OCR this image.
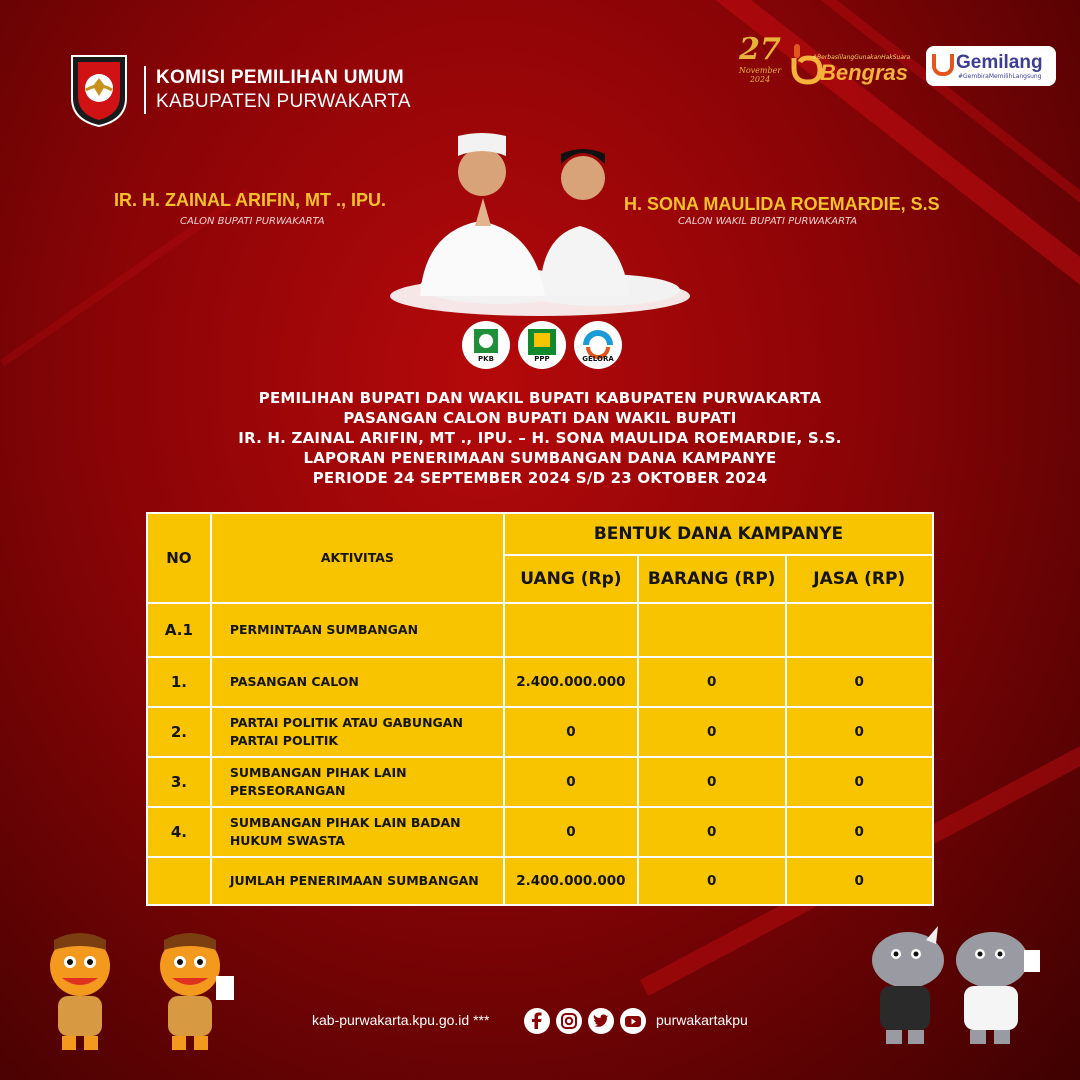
KOMISI PEMILIHAN UMUM
KABUPATEN PURWAKARTA
27
November
2024
#BerbaslilangGunakanHakSuara
Bengras	Gemilang
#GembiraMemilihLangsung
IR. H. ZAINAL ARIFIN, MT ., IPU.
CALON BUPATI PURWAKARTA
H. SONA MAULIDA ROEMARDIE, S.S
CALON WAKIL BUPATI PURWAKARTA
PKB	PPP	GELORA
PEMILIHAN BUPATI DAN WAKIL BUPATI KABUPATEN PURWAKARTA
PASANGAN CALON BUPATI DAN WAKIL BUPATI
IR. H. ZAINAL ARIFIN, MT ., IPU. – H. SONA MAULIDA ROEMARDIE, S.S.
LAPORAN PENERIMAAN SUMBANGAN DANA KAMPANYE
PERIODE 24 SEPTEMBER 2024 S/D 23 OKTOBER 2024
NO	AKTIVITAS	BENTUK DANA KAMPANYE		
		UANG (Rp)	BARANG (RP)	JASA (RP)
A.1	PERMINTAAN SUMBANGAN			
1.	PASANGAN CALON	2.400.000.000	0	0
2.	PARTAI POLITIK ATAU GABUNGAN
PARTAI POLITIK	0	0	0
3.	SUMBANGAN PIHAK LAIN
PERSEORANGAN	0	0	0
4.	SUMBANGAN PIHAK LAIN BADAN
HUKUM SWASTA	0	0	0
	JUMLAH PENERIMAAN SUMBANGAN	2.400.000.000	0	0
kab-purwakarta.kpu.go.id ***	purwakartakpu
